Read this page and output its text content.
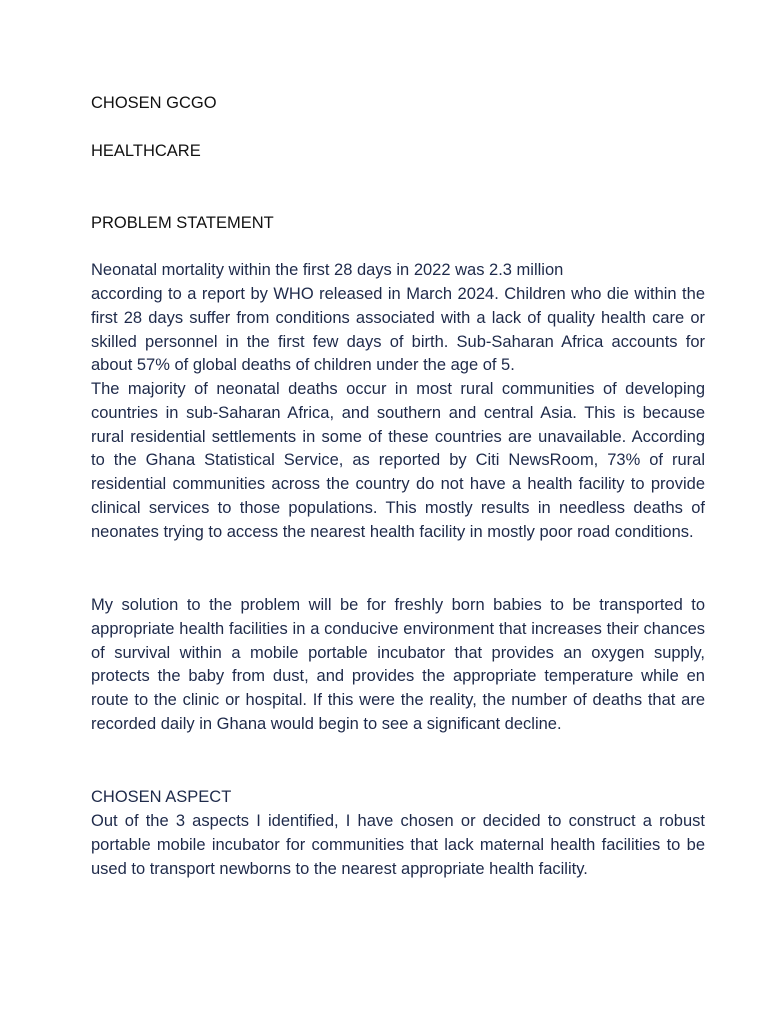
CHOSEN GCGO

HEALTHCARE

PROBLEM STATEMENT

Neonatal mortality within the first 28 days in 2022 was 2.3 million

according to a report by WHO released in March 2024. Children who die within the first 28 days suffer from conditions associated with a lack of quality health care or skilled personnel in the first few days of birth. Sub-Saharan Africa accounts for about 57% of global deaths of children under the age of 5.

The majority of neonatal deaths occur in most rural communities of developing countries in sub-Saharan Africa, and southern and central Asia. This is because rural residential settlements in some of these countries are unavailable. According to the Ghana Statistical Service, as reported by Citi NewsRoom, 73% of rural residential communities across the country do not have a health facility to provide clinical services to those populations. This mostly results in needless deaths of neonates trying to access the nearest health facility in mostly poor road conditions.

My solution to the problem will be for freshly born babies to be transported to appropriate health facilities in a conducive environment that increases their chances of survival within a mobile portable incubator that provides an oxygen supply, protects the baby from dust, and provides the appropriate temperature while en route to the clinic or hospital. If this were the reality, the number of deaths that are recorded daily in Ghana would begin to see a significant decline.

CHOSEN ASPECT

Out of the 3 aspects I identified, I have chosen or decided to construct a robust portable mobile incubator for communities that lack maternal health facilities to be used to transport newborns to the nearest appropriate health facility.
